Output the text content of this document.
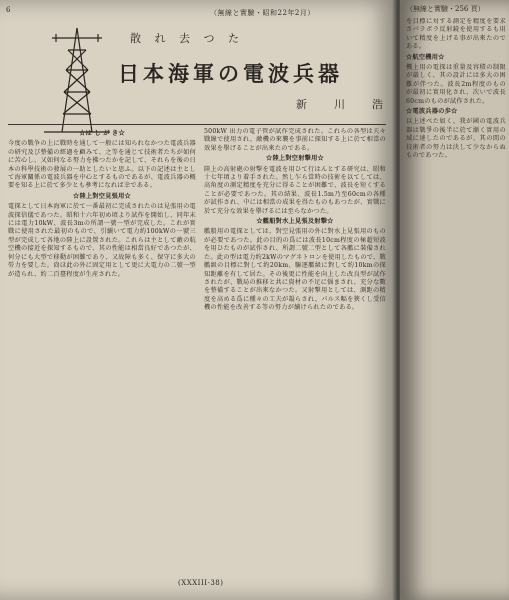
6	（無線と實驗・昭和22年2月）
散 れ 去 つ た
日本海軍の電波兵器
新　川　浩

☆は し が き☆

今度の戰争の上に戰時を通して一般には知られなかつた電波兵器の研究及び整備の經過を顧みて、之等を通じて技術者たちが如何に苦心し、又如何なる努力を拂つたかを記して、それらを後の日本の科學技術の發展の一助としたいと思ふ。以下の記述は主として海軍關係の電波兵器を中心とするものであるが、電波兵器の概要を知る上に於て多少とも參考になれば幸である。

☆陸上對空見張用☆

電探として日本海軍に於て一番最初に完成されたのは見張用の電波探信儀であつた。昭和十六年初め頃より試作を開始し、同年末には電力10kW、波長3mの所謂一號一型が完成した。これが實戰に使用された最初のもので、引續いて電力約100kWの一號三型が完成して各地の陸上に設置された。これらは主として敵の航空機の接近を探知するもので、其の性能は相當良好であつたが、何分にも大型で移動が困難であり、又故障も多く、保守に多大の勞力を要した。尙ほ此の外に固定用として更に大電力の二號一型が造られ、約二百臺程度が生産された。

500kW 出力の電子管が試作完成された。これらの各型は夫々戰線で使用され、敵機の來襲を事前に探知する上に於て相當の效果を擧げることが出來たのである。

☆陸上對空射撃用☆

陸上の高射砲の射撃を電波を用ひて行はんとする研究は、昭和十七年頃より着手された。然し乍ら當時の技術を以てしては、高角度の測定精度を充分に得ることが困難で、波長を短くすることが必要であつた。其の結果、波長1.5m乃至60cmの各種が試作され、中には相當の成果を得たものもあつたが、實戰に於て充分な效果を擧げるには至らなかつた。

☆艦船對水上見張及射撃☆

艦船用の電探としては、對空見張用の外に對水上見張用のものが必要であつた。此の目的の爲には波長10cm程度の極超短波を用ひたものが試作され、所謂二號二型として各艦に裝備された。此の型は電力約2kWのマグネトロンを使用したもので、戰艦級の目標に對して約20km、驅逐艦級に對して約10kmの探知距離を有して居た。その後更に性能を向上した改良型が試作されたが、戰局の推移と共に資材の不足に惱まされ、充分な數を整備することが出來なかつた。又射撃用としては、測距の精度を高める爲に種々の工夫が凝らされ、パルス幅を狹くし受信機の性能を改善する等の努力が續けられたのである。

(XXXIII-38)
（無線と實驗・256 頁）

を目標に対する測定を精度を要求さパラボラ反射鏡を使用するも用いて精度を上げる事が出來たのである。

☆航空機用☆

機上用の電探は重量及容積の制限が嚴しく、其の設計には多大の困難が伴つた。波長2m程度のものが最初に實用化され、次いで波長60cmのものが試作された。

☆電波兵器の歩☆

以上述べた如く、我が國の電波兵器は戰爭の後半に於て漸く實用の域に達したのであるが、其の間の技術者の努力は決して少なからぬものであつた。
